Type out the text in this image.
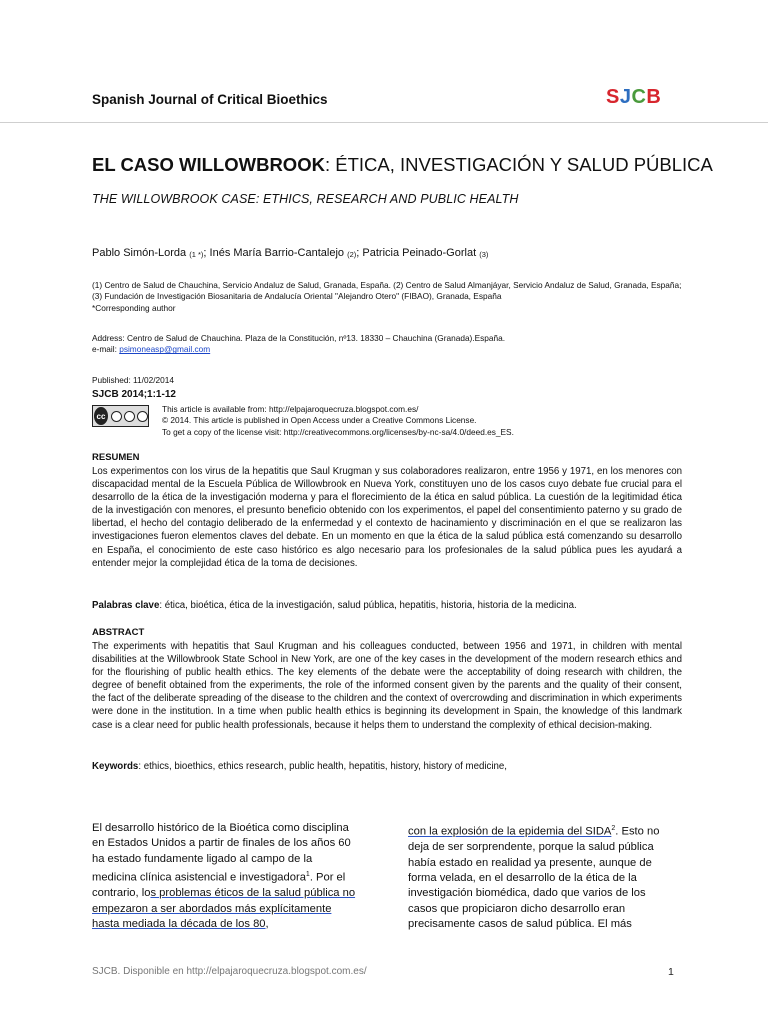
Spanish Journal of Critical Bioethics	SJCB
EL CASO WILLOWBROOK: ÉTICA, INVESTIGACIÓN Y SALUD PÚBLICA
THE WILLOWBROOK CASE: ETHICS, RESEARCH AND PUBLIC HEALTH
Pablo Simón-Lorda $^{(1 *)}$; Inés María Barrio-Cantalejo $^{(2)}$; Patricia Peinado-Gorlat $^{(3)}$
(1) Centro de Salud de Chauchina, Servicio Andaluz de Salud, Granada, España. (2) Centro de Salud Almanjáyar, Servicio Andaluz de Salud, Granada, España; (3) Fundación de Investigación Biosanitaria de Andalucía Oriental "Alejandro Otero" (FIBAO), Granada, España
*Corresponding author
Address: Centro de Salud de Chauchina. Plaza de la Constitución, nº13. 18330 – Chauchina (Granada).España.
e-mail: psimoneasp@gmail.com
Published: 11/02/2014
SJCB 2014;1:1-12
cc
This article is available from: http://elpajaroquecruza.blogspot.com.es/
© 2014. This article is published in Open Access under a Creative Commons License.
To get a copy of the license visit: http://creativecommons.org/licenses/by-nc-sa/4.0/deed.es_ES.
RESUMEN
Los experimentos con los virus de la hepatitis que Saul Krugman y sus colaboradores realizaron, entre 1956 y 1971, en los menores con discapacidad mental de la Escuela Pública de Willowbrook en Nueva York, constituyen uno de los casos cuyo debate fue crucial para el desarrollo de la ética de la investigación moderna y para el florecimiento de la ética en salud pública. La cuestión de la legitimidad ética de la investigación con menores, el presunto beneficio obtenido con los experimentos, el papel del consentimiento paterno y su grado de libertad, el hecho del contagio deliberado de la enfermedad y el contexto de hacinamiento y discriminación en el que se realizaron las investigaciones fueron elementos claves del debate. En un momento en que la ética de la salud pública está comenzando su desarrollo en España, el conocimiento de este caso histórico es algo necesario para los profesionales de la salud pública pues les ayudará a entender mejor la complejidad ética de la toma de decisiones.
Palabras clave: ética, bioética, ética de la investigación, salud pública, hepatitis, historia, historia de la medicina.
ABSTRACT
The experiments with hepatitis that Saul Krugman and his colleagues conducted, between 1956 and 1971, in children with mental disabilities at the Willowbrook State School in New York, are one of the key cases in the development of the modern research ethics and for the flourishing of public health ethics. The key elements of the debate were the acceptability of doing research with children, the degree of benefit obtained from the experiments, the role of the informed consent given by the parents and the quality of their consent, the fact of the deliberate spreading of the disease to the children and the context of overcrowding and discrimination in which experiments were done in the institution. In a time when public health ethics is beginning its development in Spain, the knowledge of this landmark case is a clear need for public health professionals, because it helps them to understand the complexity of ethical decision-making.
Keywords: ethics, bioethics, ethics research, public health, hepatitis, history, history of medicine,
El desarrollo histórico de la Bioética como disciplina en Estados Unidos a partir de finales de los años 60 ha estado fundamente ligado al campo de la medicina clínica asistencial e investigadora$^1$. Por el contrario, los problemas éticos de la salud pública no empezaron a ser abordados más explícitamente hasta mediada la década de los 80,
con la explosión de la epidemia del SIDA$^2$. Esto no deja de ser sorprendente, porque la salud pública había estado en realidad ya presente, aunque de forma velada, en el desarrollo de la ética de la investigación biomédica, dado que varios de los casos que propiciaron dicho desarrollo eran precisamente casos de salud pública. El más
SJCB. Disponible en http://elpajaroquecruza.blogspot.com.es/	1
